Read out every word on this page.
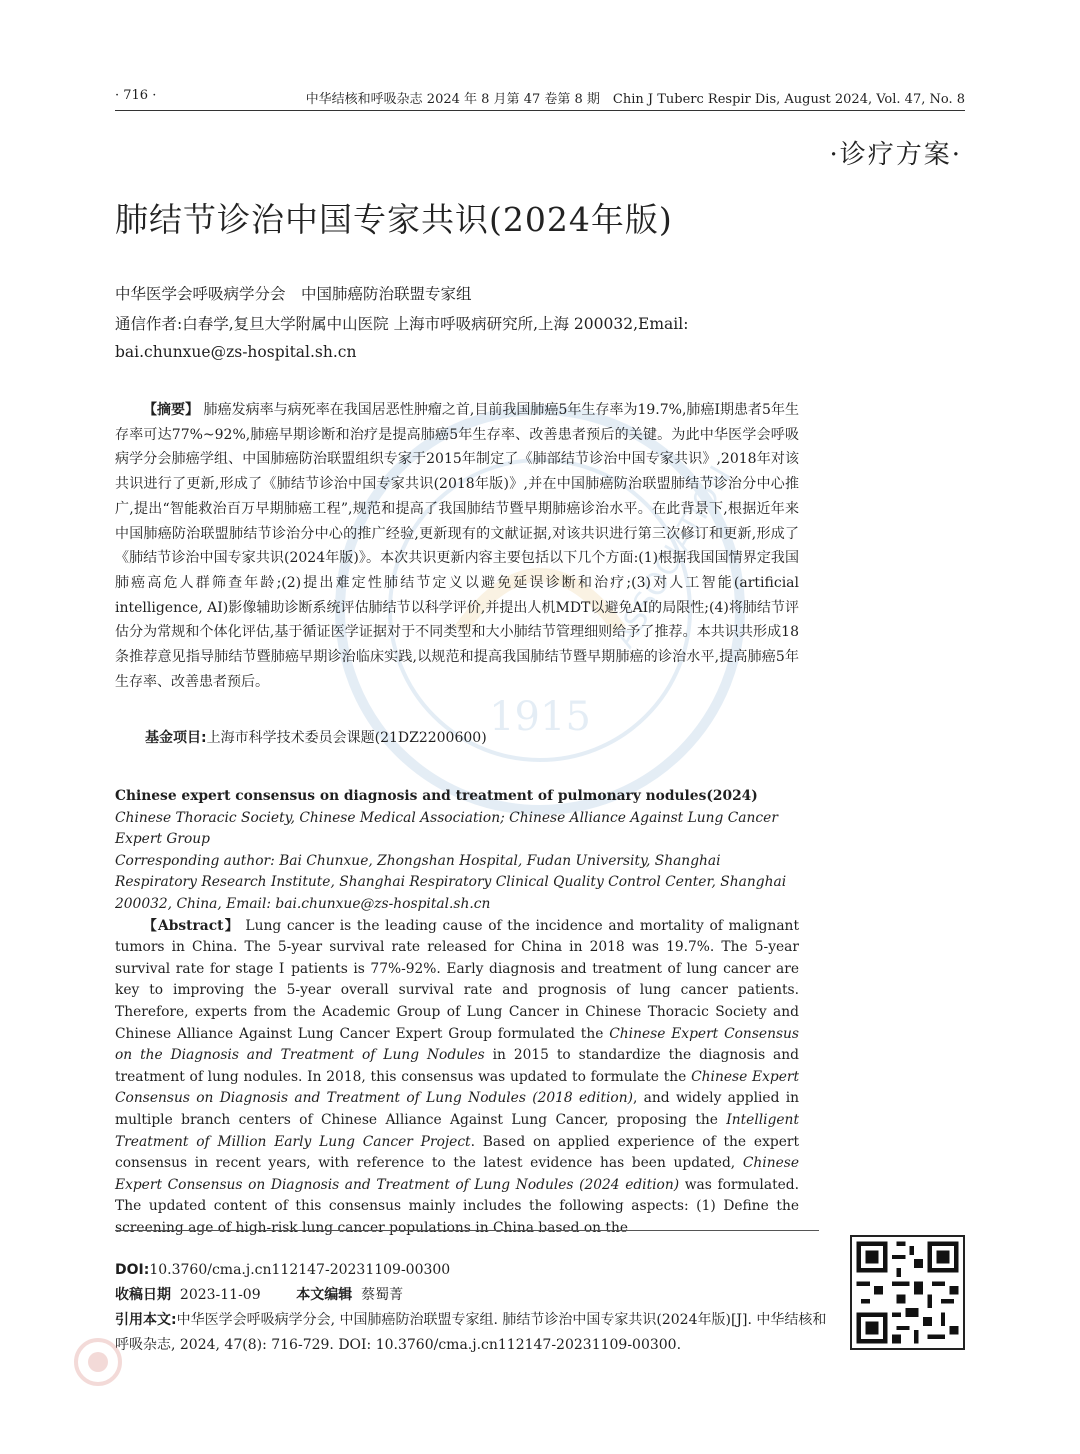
1915
ASSOCIATION
· 716 ·	中华结核和呼吸杂志 2024 年 8 月第 47 卷第 8 期　Chin J Tuberc Respir Dis, August 2024, Vol. 47, No. 8
·诊疗方案·
肺结节诊治中国专家共识(2024年版)
中华医学会呼吸病学分会　中国肺癌防治联盟专家组
通信作者:白春学,复旦大学附属中山医院 上海市呼吸病研究所,上海 200032,Email: bai.chunxue@zs-hospital.sh.cn
【摘要】 肺癌发病率与病死率在我国居恶性肿瘤之首,目前我国肺癌5年生存率为19.7%,肺癌Ⅰ期患者5年生存率可达77%~92%,肺癌早期诊断和治疗是提高肺癌5年生存率、改善患者预后的关键。为此中华医学会呼吸病学分会肺癌学组、中国肺癌防治联盟组织专家于2015年制定了《肺部结节诊治中国专家共识》,2018年对该共识进行了更新,形成了《肺结节诊治中国专家共识(2018年版)》,并在中国肺癌防治联盟肺结节诊治分中心推广,提出“智能救治百万早期肺癌工程”,规范和提高了我国肺结节暨早期肺癌诊治水平。在此背景下,根据近年来中国肺癌防治联盟肺结节诊治分中心的推广经验,更新现有的文献证据,对该共识进行第三次修订和更新,形成了《肺结节诊治中国专家共识(2024年版)》。本次共识更新内容主要包括以下几个方面:(1)根据我国国情界定我国肺癌高危人群筛查年龄;(2)提出难定性肺结节定义以避免延误诊断和治疗;(3)对人工智能(artificial intelligence, AI)影像辅助诊断系统评估肺结节以科学评价,并提出人机MDT以避免AI的局限性;(4)将肺结节评估分为常规和个体化评估,基于循证医学证据对于不同类型和大小肺结节管理细则给予了推荐。本共识共形成18条推荐意见指导肺结节暨肺癌早期诊治临床实践,以规范和提高我国肺结节暨早期肺癌的诊治水平,提高肺癌5年生存率、改善患者预后。
基金项目:上海市科学技术委员会课题(21DZ2200600)
Chinese expert consensus on diagnosis and treatment of pulmonary nodules(2024)
Chinese Thoracic Society, Chinese Medical Association; Chinese Alliance Against Lung Cancer Expert Group
Corresponding author: Bai Chunxue, Zhongshan Hospital, Fudan University, Shanghai Respiratory Research Institute, Shanghai Respiratory Clinical Quality Control Center, Shanghai 200032, China, Email: bai.chunxue@zs-hospital.sh.cn
【Abstract】 Lung cancer is the leading cause of the incidence and mortality of malignant tumors in China. The 5-year survival rate released for China in 2018 was 19.7%. The 5-year survival rate for stage Ⅰ patients is 77%-92%. Early diagnosis and treatment of lung cancer are key to improving the 5-year overall survival rate and prognosis of lung cancer patients. Therefore, experts from the Academic Group of Lung Cancer in Chinese Thoracic Society and Chinese Alliance Against Lung Cancer Expert Group formulated the Chinese Expert Consensus on the Diagnosis and Treatment of Lung Nodules in 2015 to standardize the diagnosis and treatment of lung nodules. In 2018, this consensus was updated to formulate the Chinese Expert Consensus on Diagnosis and Treatment of Lung Nodules (2018 edition), and widely applied in multiple branch centers of Chinese Alliance Against Lung Cancer, proposing the Intelligent Treatment of Million Early Lung Cancer Project. Based on applied experience of the expert consensus in recent years, with reference to the latest evidence has been updated, Chinese Expert Consensus on Diagnosis and Treatment of Lung Nodules (2024 edition) was formulated. The updated content of this consensus mainly includes the following aspects: (1) Define the screening age of high-risk lung cancer populations in China based on the
DOI:10.3760/cma.j.cn112147-20231109-00300
收稿日期 2023-11-09	本文编辑 蔡蜀菁
引用本文:中华医学会呼吸病学分会, 中国肺癌防治联盟专家组. 肺结节诊治中国专家共识(2024年版)[J]. 中华结核和呼吸杂志, 2024, 47(8): 716-729. DOI: 10.3760/cma.j.cn112147-20231109-00300.
